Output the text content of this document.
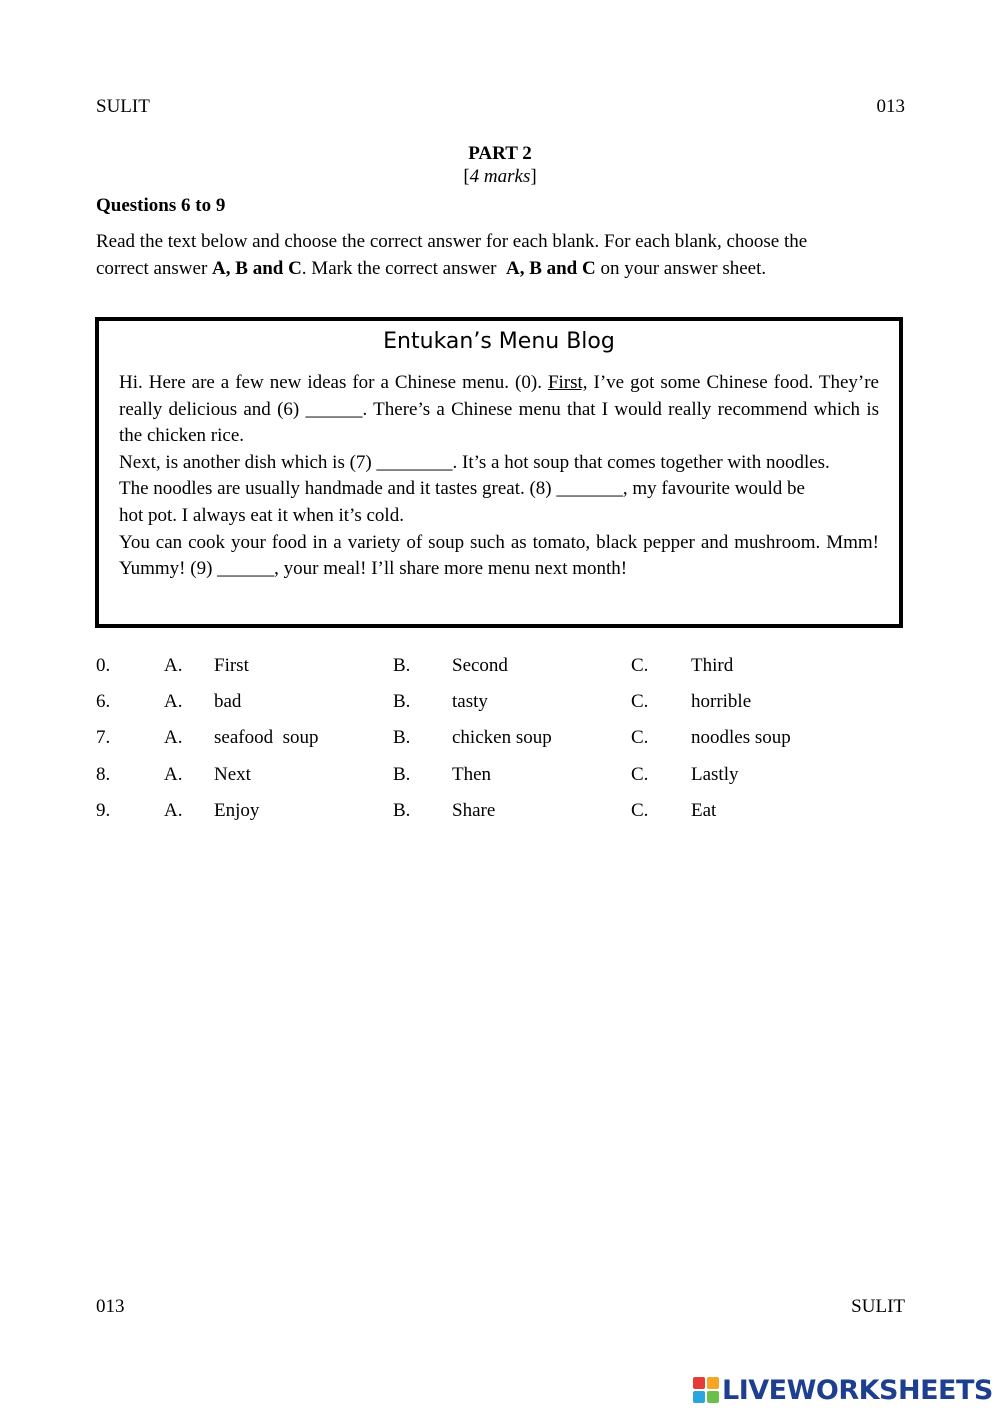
SULIT	013
PART 2
[4 marks]
Questions 6 to 9
Read the text below and choose the correct answer for each blank. For each blank, choose the
correct answer A, B and C. Mark the correct answer  A, B and C on your answer sheet.
Entukan’s Menu Blog

Hi. Here are a few new ideas for a Chinese menu. (0). First, I’ve got some Chinese food. They’re really delicious and (6) ______. There’s a Chinese menu that I would really recommend which is the chicken rice.

Next, is another dish which is (7) ________. It’s a hot soup that comes together with noodles.

The noodles are usually handmade and it tastes great. (8) _______, my favourite would be

hot pot. I always eat it when it’s cold.

You can cook your food in a variety of soup such as tomato, black pepper and mushroom. Mmm! Yummy! (9) ______, your meal! I’ll share more menu next month!

0.	A. First	B. Second	C. Third
6.	A. bad	B. tasty	C. horrible
7.	A. seafood  soup	B. chicken soup	C. noodles soup
8.	A. Next	B. Then	C. Lastly
9.	A. Enjoy	B. Share	C. Eat
013	SULIT
LIVEWORKSHEETS
